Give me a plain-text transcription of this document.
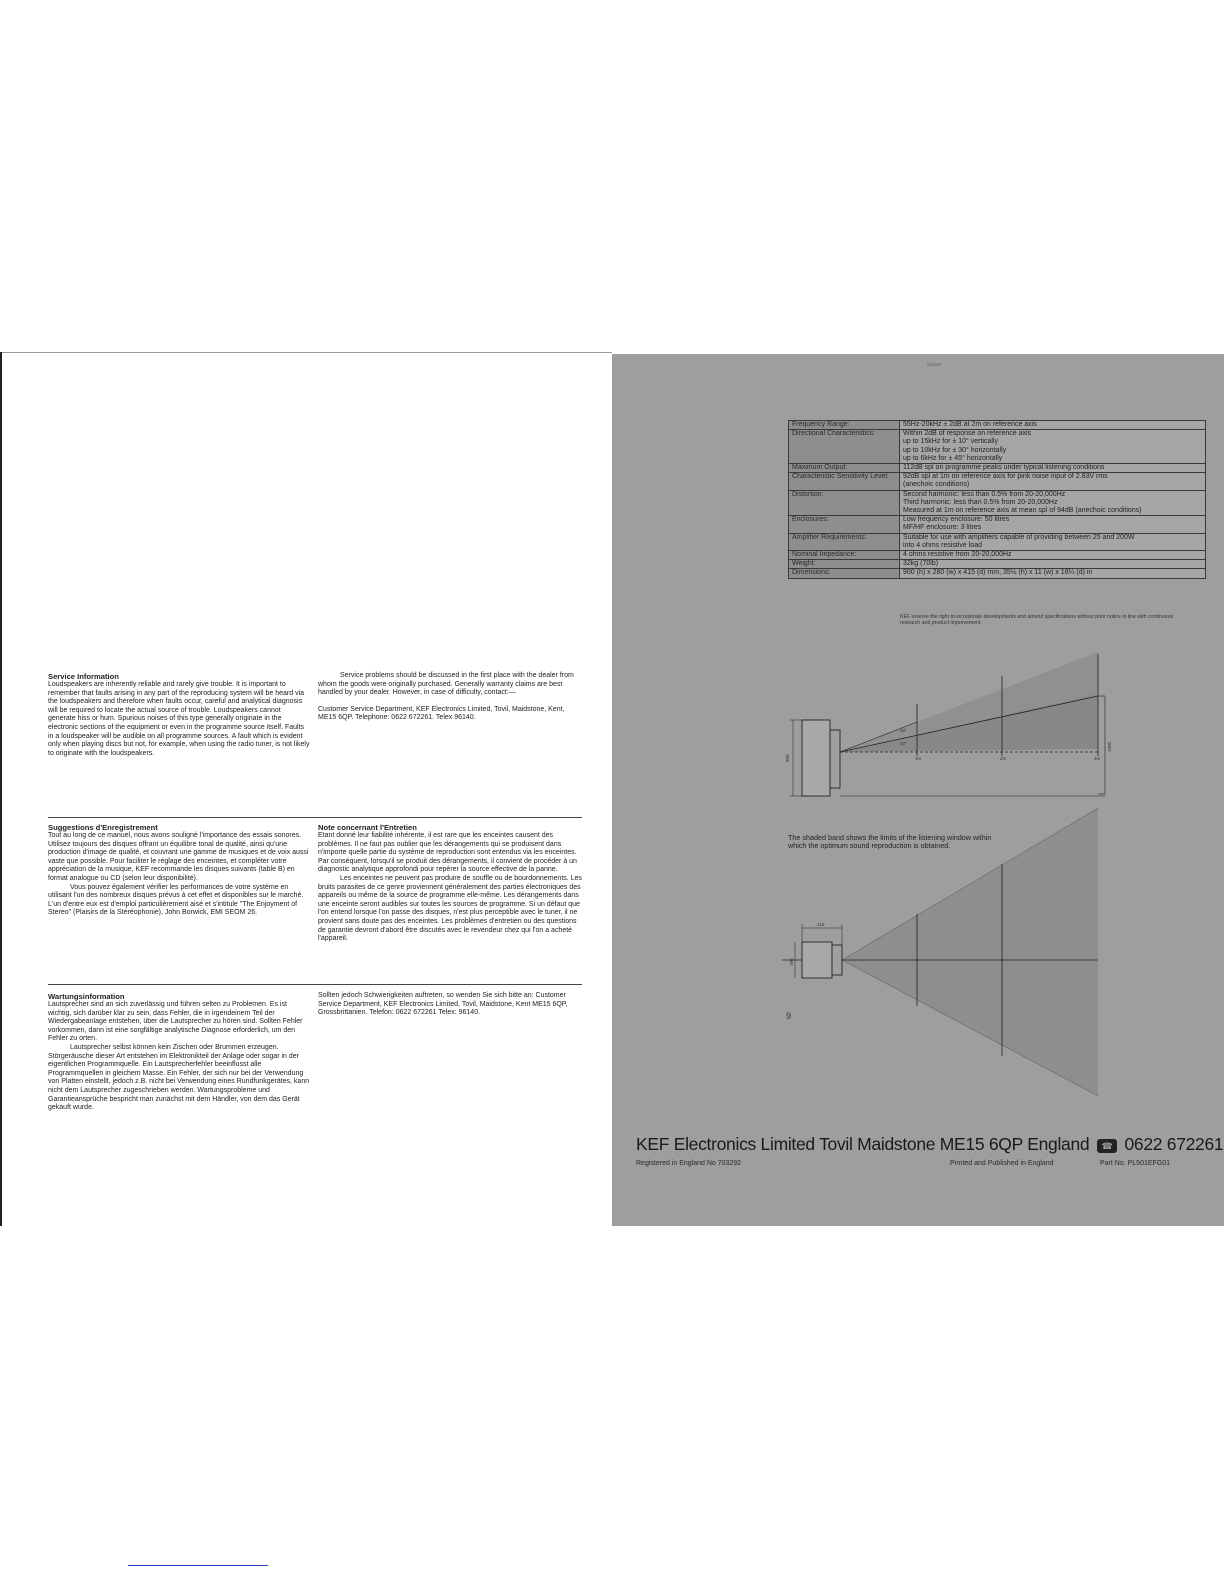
Service Information

Loudspeakers are inherently reliable and rarely give trouble. It is important to remember that faults arising in any part of the reproducing system will be heard via the loudspeakers and therefore when faults occur, careful and analytical diagnosis will be required to locate the actual source of trouble. Loudspeakers cannot generate hiss or hum. Spurious noises of this type generally originate in the electronic sections of the equipment or even in the programme source itself. Faults in a loudspeaker will be audible on all programme sources. A fault which is evident only when playing discs but not, for example, when using the radio tuner, is not likely to originate with the loudspeakers.

Service problems should be discussed in the first place with the dealer from whom the goods were originally purchased. Generally warranty claims are best handled by your dealer. However, in case of difficulty, contact:—

Customer Service Department, KEF Electronics Limited, Tovil, Maidstone, Kent, ME15 6QP. Telephone: 0622 672261. Telex 96140.

Suggestions d'Enregistrement

Tout au long de ce manuel, nous avons souligné l'importance des essais sonores. Utilisez toujours des disques offrant un équilibre tonal de qualité, ainsi qu'une production d'image de qualité, et couvrant une gamme de musiques et de voix aussi vaste que possible. Pour faciliter le réglage des enceintes, et compléter votre appréciation de la musique, KEF recommande les disques suivants (table B) en format analogue ou CD (selon leur disponibilité).

Vous pouvez également vérifier les performances de votre système en utilisant l'un des nombreux disques prévus à cet effet et disponibles sur le marché. L'un d'entre eux est d'emploi particulièrement aisé et s'intitule "The Enjoyment of Stereo" (Plaisirs de la Stéréophonie), John Borwick, EMI SEOM 26.

Note concernant l'Entretien

Etant donné leur fiabilité inhérente, il est rare que les enceintes causent des problèmes. Il ne faut pas oublier que les dérangements qui se produisent dans n'importe quelle partie du système de reproduction sont entendus via les enceintes. Par conséquent, lorsqu'il se produit des dérangements, il convient de procéder à un diagnostic analytique approfondi pour repérer la source effective de la panne.

Les enceintes ne peuvent pas produire de souffle ou de bourdonnements. Les bruits parasites de ce genre proviennent généralement des parties électroniques des appareils ou même de la source de programme elle-même. Les dérangements dans une enceinte seront audibles sur toutes les sources de programme. Si un défaut que l'on entend lorsque l'on passe des disques, n'est plus perceptible avec le tuner, il ne provient sans doute pas des enceintes. Les problèmes d'entretien ou des questions de garantie devront d'abord être discutés avec le revendeur chez qui l'on a acheté l'appareil.

Wartungsinformation

Lautsprecher sind an sich zuverlässig und führen selten zu Problemen. Es ist wichtig, sich darüber klar zu sein, dass Fehler, die in irgendeinem Teil der Wiedergabeanlage entstehen, über die Lautsprecher zu hören sind. Sollten Fehler vorkommen, dann ist eine sorgfältige analytische Diagnose erforderlich, um den Fehler zu orten.

Lautsprecher selbst können kein Zischen oder Brummen erzeugen. Störgeräusche dieser Art entstehen im Elektronikteil der Anlage oder sogar in der eigentlichen Programmquelle. Ein Lautsprecherfehler beeinflusst alle Programmquellen in gleichem Masse. Ein Fehler, der sich nur bei der Verwendung von Platten einstellt, jedoch z.B. nicht bei Verwendung eines Rundfunkgerätes, kann nicht dem Lautsprecher zugeschrieben werden. Wartungsprobleme und Garantieansprüche bespricht man zunächst mit dem Händler, von dem das Gerät gekauft wurde.

Sollten jedoch Schwierigkeiten auftreten, so wenden Sie sich bitte an: Customer Service Department, KEF Electronics Limited, Tovil, Maidstone, Kent ME15 6QP, Grossbrittanien. Telefon: 0622 672261 Telex: 96140.

Space
Frequency Range:	55Hz-20kHz ± 2dB at 2m on reference axis
Directional Characteristics:	Within 2dB of response on reference axis
up to 15kHz for ± 10° vertically
up to 10kHz for ± 30° horizontally
up to 6kHz for ± 45° horizontally
Maximum Output:	112dB spl on programme peaks under typical listening conditions
Characteristic Sensitivity Level:	92dB spl at 1m on reference axis for pink noise input of 2.83V rms
(anechoic conditions)
Distortion:	Second harmonic: less than 0.5% from 20-20,000Hz
Third harmonic: less than 0.5% from 20-20,000Hz
Measured at 1m on reference axis at mean spl of 94dB (anechoic conditions)
Enclosures:	Low frequency enclosure: 50 litres
MF/HF enclosure: 3 litres
Amplifier Requirements:	Suitable for use with amplifiers capable of providing between 25 and 200W
into 4 ohms resistive load
Nominal Impedance:	4 ohms resistive from 20-20,000Hz
Weight:	32kg (70lb)
Dimensions:	900 (h) x 280 (w) x 415 (d) mm, 35½ (h) x 11 (w) x 16¼ (d) in
KEF reserve the right to incorporate developments and amend specifications without prior notice in line with continuous research and product improvement.
900
10°
10°
1m	2m	3m
1000
415
280
The shaded band shows the limits of the listening window within which the optimum sound reproduction is obtained.
9
KEF Electronics Limited Tovil Maidstone ME15 6QP England ☎ 0622 672261
Registered in England No 703292	Printed and Published in England	Part No. PL501EFG01
